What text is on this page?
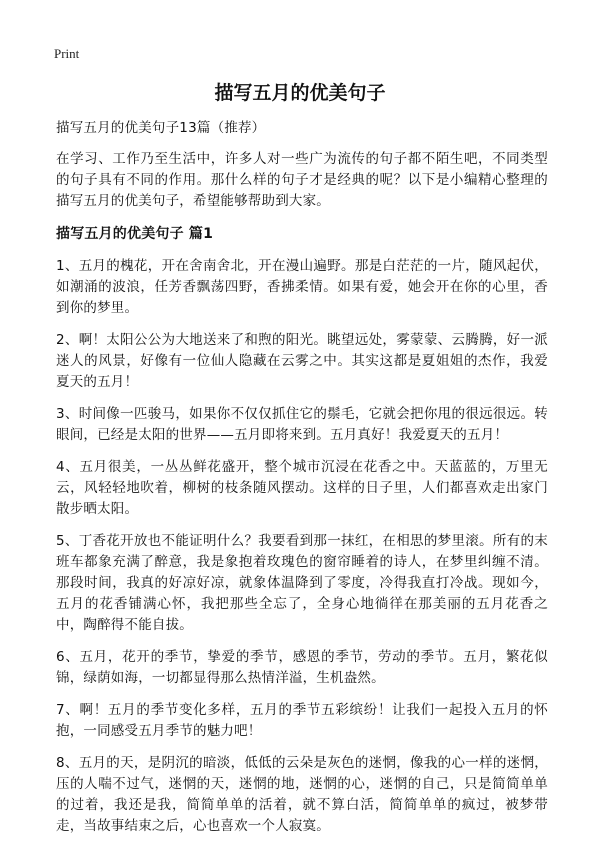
Print
描写五月的优美句子

描写五月的优美句子13篇（推荐）

在学习、工作乃至生活中，许多人对一些广为流传的句子都不陌生吧，不同类型的句子具有不同的作用。那什么样的句子才是经典的呢？以下是小编精心整理的描写五月的优美句子，希望能够帮助到大家。

描写五月的优美句子 篇1

1、五月的槐花，开在舍南舍北，开在漫山遍野。那是白茫茫的一片，随风起伏，如潮涌的波浪，任芳香飘荡四野，香拂柔情。如果有爱，她会开在你的心里，香到你的梦里。

2、啊！太阳公公为大地送来了和煦的阳光。眺望远处，雾蒙蒙、云腾腾，好一派迷人的风景，好像有一位仙人隐藏在云雾之中。其实这都是夏姐姐的杰作，我爱夏天的五月！

3、时间像一匹骏马，如果你不仅仅抓住它的鬃毛，它就会把你甩的很远很远。转眼间，已经是太阳的世界——五月即将来到。五月真好！我爱夏天的五月！

4、五月很美，一丛丛鲜花盛开，整个城市沉浸在花香之中。天蓝蓝的，万里无云，风轻轻地吹着，柳树的枝条随风摆动。这样的日子里，人们都喜欢走出家门散步晒太阳。

5、丁香花开放也不能证明什么？我要看到那一抹红，在相思的梦里滚。所有的末班车都象充满了醉意，我是象抱着玫瑰色的窗帘睡着的诗人，在梦里纠缠不清。那段时间，我真的好凉好凉，就象体温降到了零度，冷得我直打冷战。现如今，五月的花香铺满心怀，我把那些全忘了，全身心地徜徉在那美丽的五月花香之中，陶醉得不能自拔。

6、五月，花开的季节，挚爱的季节，感恩的季节，劳动的季节。五月，繁花似锦，绿荫如海，一切都显得那么热情洋溢，生机盎然。

7、啊！五月的季节变化多样，五月的季节五彩缤纷！让我们一起投入五月的怀抱，一同感受五月季节的魅力吧！

8、五月的天，是阴沉的暗淡，低低的云朵是灰色的迷惘，像我的心一样的迷惘，压的人喘不过气，迷惘的天，迷惘的地，迷惘的心，迷惘的自己，只是简简单单的过着，我还是我，简简单单的活着，就不算白活，简简单单的疯过，被梦带走，当故事结束之后，心也喜欢一个人寂寞。
